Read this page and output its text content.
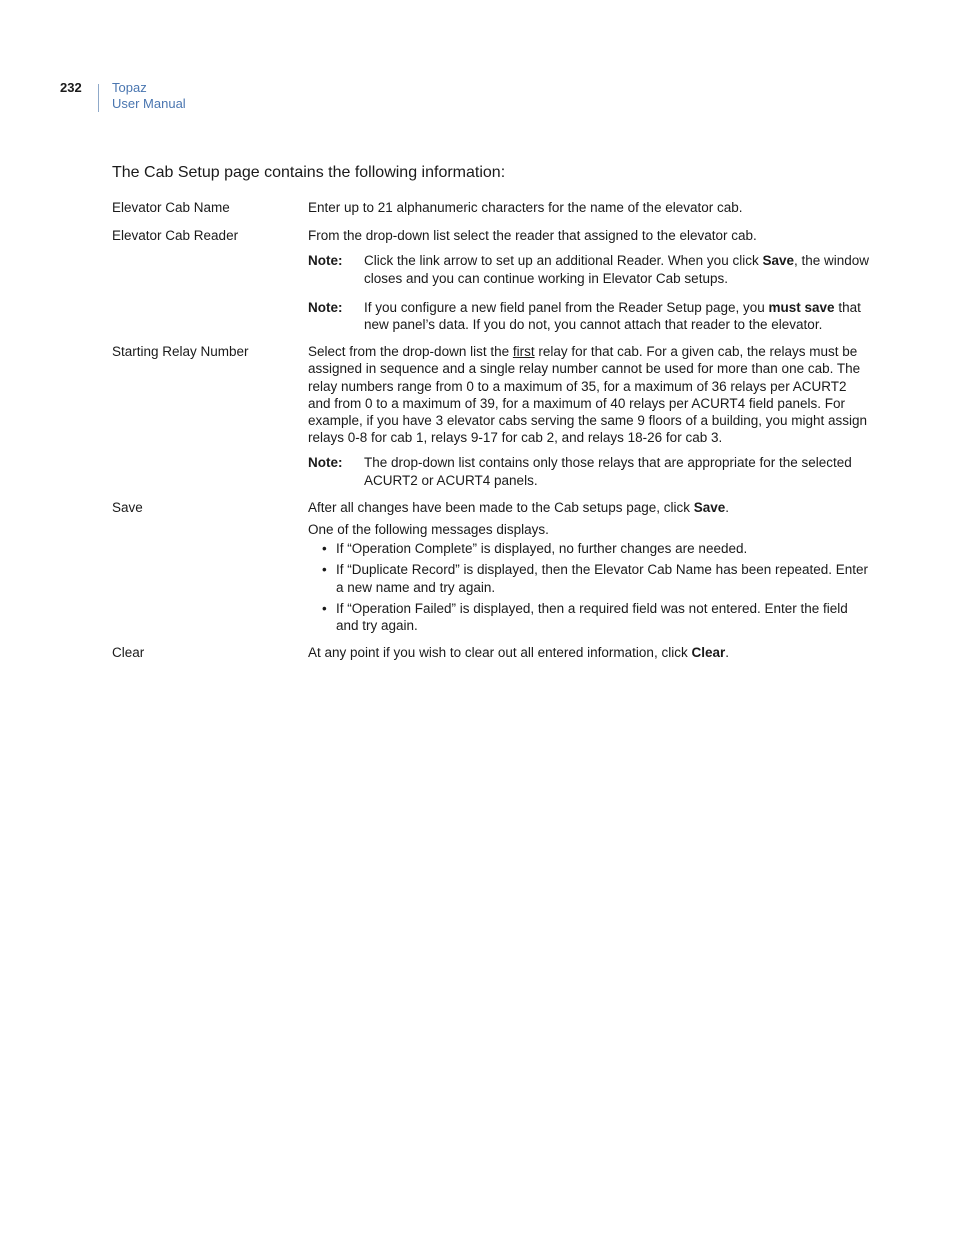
232 Topaz
User Manual
The Cab Setup page contains the following information:
Elevator Cab Name	Enter up to 21 alphanumeric characters for the name of the elevator cab.

Elevator Cab Reader	From the drop-down list select the reader that assigned to the elevator cab.

Note:	Click the link arrow to set up an additional Reader. When you click Save, the window closes and you can continue working in Elevator Cab setups.
Note:	If you configure a new field panel from the Reader Setup page, you must save that new panel’s data. If you do not, you cannot attach that reader to the elevator.
Starting Relay Number	Select from the drop-down list the first relay for that cab. For a given cab, the relays must be assigned in sequence and a single relay number cannot be used for more than one cab. The relay numbers range from 0 to a maximum of 35, for a maximum of 36 relays per ACURT2 and from 0 to a maximum of 39, for a maximum of 40 relays per ACURT4 field panels. For example, if you have 3 elevator cabs serving the same 9 floors of a building, you might assign relays 0-8 for cab 1, relays 9-17 for cab 2, and relays 18-26 for cab 3.

Note:	The drop-down list contains only those relays that are appropriate for the selected ACURT2 or ACURT4 panels.
Save	After all changes have been made to the Cab setups page, click Save.

One of the following messages displays.

• If “Operation Complete” is displayed, no further changes are needed.
• If “Duplicate Record” is displayed, then the Elevator Cab Name has been repeated. Enter a new name and try again.
• If “Operation Failed” is displayed, then a required field was not entered. Enter the field and try again.
Clear	At any point if you wish to clear out all entered information, click Clear.
